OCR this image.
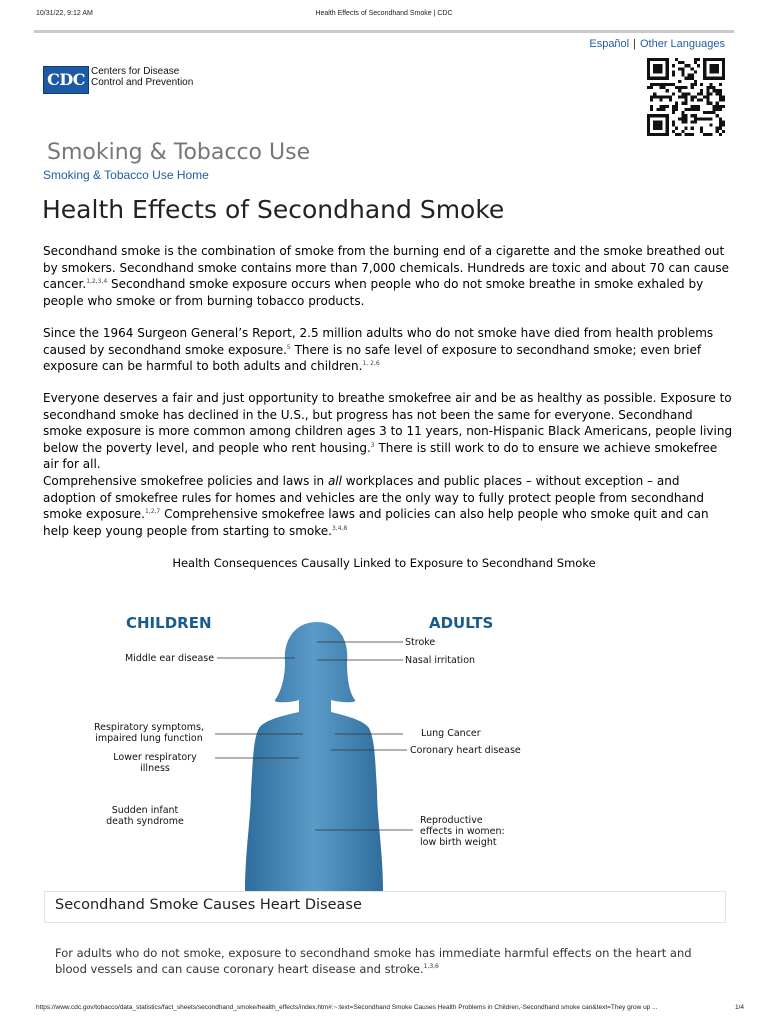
10/31/22, 9:12 AM	Health Effects of Secondhand Smoke | CDC
Español | Other Languages
CDC Centers for Disease
Control and Prevention
Smoking & Tobacco Use
Smoking & Tobacco Use Home
Health Effects of Secondhand Smoke
Secondhand smoke is the combination of smoke from the burning end of a cigarette and the smoke breathed out by smokers. Secondhand smoke contains more than 7,000 chemicals. Hundreds are toxic and about 70 can cause cancer.$^{1,2,3,4}$ Secondhand smoke exposure occurs when people who do not smoke breathe in smoke exhaled by people who smoke or from burning tobacco products.
Since the 1964 Surgeon General’s Report, 2.5 million adults who do not smoke have died from health problems caused by secondhand smoke exposure.$^5$ There is no safe level of exposure to secondhand smoke; even brief exposure can be harmful to both adults and children.$^{1, 2,6}$
Everyone deserves a fair and just opportunity to breathe smokefree air and be as healthy as possible. Exposure to secondhand smoke has declined in the U.S., but progress has not been the same for everyone. Secondhand smoke exposure is more common among children ages 3 to 11 years, non-Hispanic Black Americans, people living below the poverty level, and people who rent housing.$^3$ There is still work to do to ensure we achieve smokefree air for all.
Comprehensive smokefree policies and laws in all workplaces and public places – without exception – and adoption of smokefree rules for homes and vehicles are the only way to fully protect people from secondhand smoke exposure.$^{1,2,7}$ Comprehensive smokefree laws and policies can also help people who smoke quit and can help keep young people from starting to smoke.$^{3,4,8}$
Health Consequences Causally Linked to Exposure to Secondhand Smoke
CHILDREN	ADULTS
Middle ear disease
Respiratory symptoms,
impaired lung function
Lower respiratory
illness
Sudden infant
death syndrome
Stroke
Nasal irritation
Lung Cancer
Coronary heart disease
Reproductive
effects in women:
low birth weight
Secondhand Smoke Causes Heart Disease
For adults who do not smoke, exposure to secondhand smoke has immediate harmful effects on the heart and blood vessels and can cause coronary heart disease and stroke.$^{1,3,6}$
https://www.cdc.gov/tobacco/data_statistics/fact_sheets/secondhand_smoke/health_effects/index.htm#:~:text=Secondhand Smoke Causes Health Problems in Children,-Secondhand smoke can&text=They grow up ...	1/4
